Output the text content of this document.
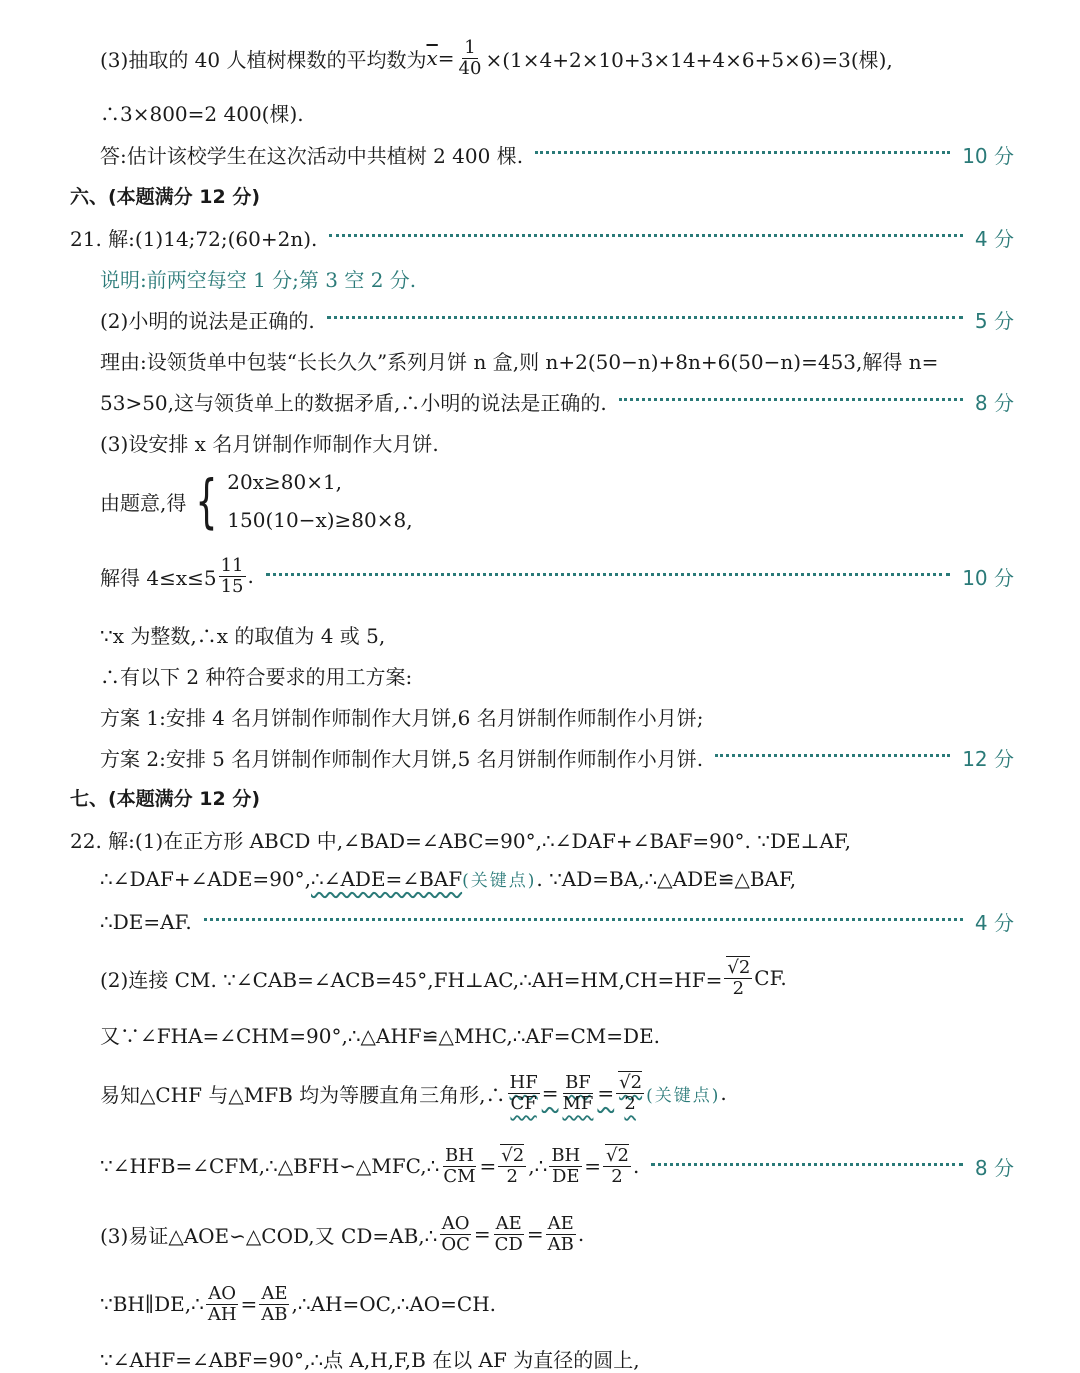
(3)抽取的 40 人植树棵数的平均数为 $\overline{x} = \frac{1}{40} \times(1\times 4+2\times 10+3\times 14+4\times 6+5\times 6)=3$(棵),
∴3×800=2 400(棵).
答:估计该校学生在这次活动中共植树 2 400 棵.	10 分
六、(本题满分 12 分)
21. 解:(1)14;72;(60+2n).	4 分
说明:前两空每空 1 分;第 3 空 2 分.
(2)小明的说法是正确的.	5 分
理由:设领货单中包装“长长久久”系列月饼 n 盒,则 n+2(50−n)+8n+6(50−n)=453,解得 n=
53>50,这与领货单上的数据矛盾,∴小明的说法是正确的.	8 分
(3)设安排 x 名月饼制作师制作大月饼.
由题意,得 { 20x≥80×1,
150(10−x)≥80×8,
解得 $4\le x\le 5 \frac{11}{15}$ .	10 分
∵x 为整数,∴x 的取值为 4 或 5,
∴有以下 2 种符合要求的用工方案:
方案 1:安排 4 名月饼制作师制作大月饼,6 名月饼制作师制作小月饼;
方案 2:安排 5 名月饼制作师制作大月饼,5 名月饼制作师制作小月饼.	12 分
七、(本题满分 12 分)
22. 解:(1)在正方形 ABCD 中,∠BAD=∠ABC=90°,∴∠DAF+∠BAF=90°. ∵DE⊥AF,
∴∠DAF+∠ADE=90°, ∴∠ADE=∠BAF (关键点) . ∵AD=BA,∴△ADE≌△BAF,
∴DE=AF.	4 分
(2)连接 CM. ∵∠CAB=∠ACB=45°,FH⊥AC,∴AH=HM,CH=HF= $\frac{√2}{2}$ CF.
又∵∠FHA=∠CHM=90°,∴△AHF≌△MHC,∴AF=CM=DE.
易知△CHF 与△MFB 均为等腰直角三角形,∴ $\frac{HF}{CF} = \frac{BF}{MF} = \frac{√2}{2}$ (关键点) .
∵∠HFB=∠CFM,∴△BFH∽△MFC,∴ $\frac{BH}{CM} = \frac{√2}{2}$ ,∴ $\frac{BH}{DE} = \frac{√2}{2}$ .	8 分
(3)易证△AOE∽△COD,又 CD=AB,∴ $\frac{AO}{OC} = \frac{AE}{CD} = \frac{AE}{AB}$ .
∵BH∥DE,∴ $\frac{AO}{AH} = \frac{AE}{AB}$ ,∴AH=OC,∴AO=CH.
∵∠AHF=∠ABF=90°,∴点 A,H,F,B 在以 AF 为直径的圆上,
